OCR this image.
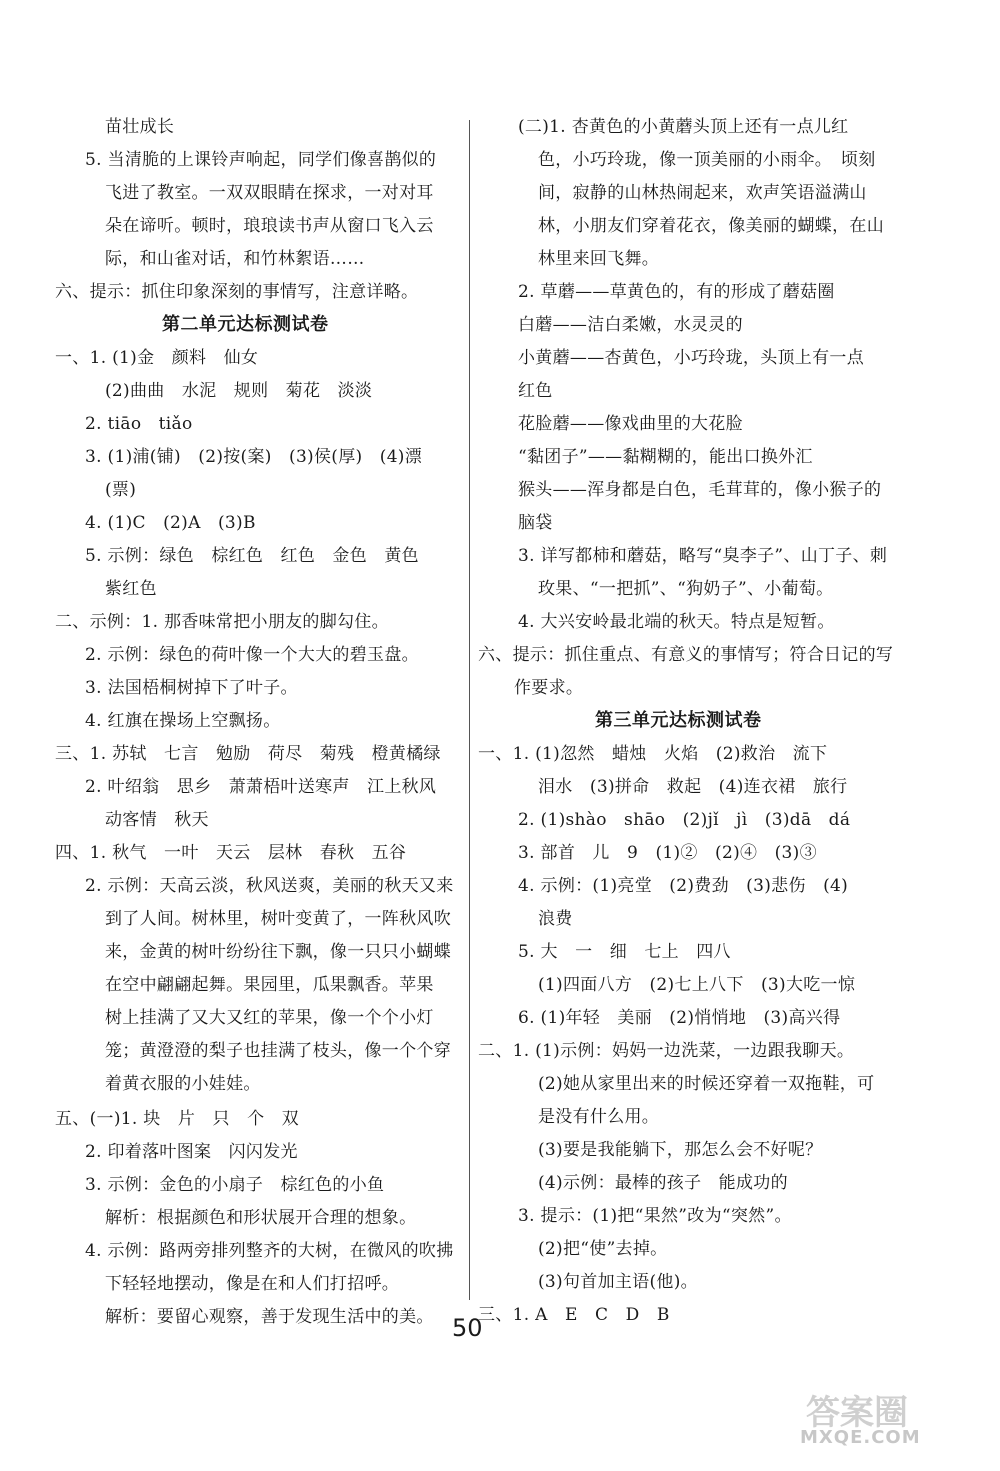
苗壮成长
5. 当清脆的上课铃声响起，同学们像喜鹊似的
飞进了教室。一双双眼睛在探求，一对对耳
朵在谛听。顿时，琅琅读书声从窗口飞入云
际，和山雀对话，和竹林絮语……
六、提示：抓住印象深刻的事情写，注意详略。
第二单元达标测试卷
一、1. (1)金　颜料　仙女
(2)曲曲　水泥　规则　菊花　淡淡
2. tiāo　tiǎo
3. (1)浦(铺)　(2)按(案)　(3)侯(厚)　(4)漂
(票)
4. (1)C　(2)A　(3)B
5. 示例：绿色　棕红色　红色　金色　黄色
紫红色
二、示例：1. 那香味常把小朋友的脚勾住。
2. 示例：绿色的荷叶像一个大大的碧玉盘。
3. 法国梧桐树掉下了叶子。
4. 红旗在操场上空飘扬。
三、1. 苏轼　七言　勉励　荷尽　菊残　橙黄橘绿
2. 叶绍翁　思乡　萧萧梧叶送寒声　江上秋风
动客情　秋天
四、1. 秋气　一叶　天云　层林　春秋　五谷
2. 示例：天高云淡，秋风送爽，美丽的秋天又来
到了人间。树林里，树叶变黄了，一阵秋风吹
来，金黄的树叶纷纷往下飘，像一只只小蝴蝶
在空中翩翩起舞。果园里，瓜果飘香。苹果
树上挂满了又大又红的苹果，像一个个小灯
笼；黄澄澄的梨子也挂满了枝头，像一个个穿
着黄衣服的小娃娃。
五、(一)1. 块　片　只　个　双
2. 印着落叶图案　闪闪发光
3. 示例：金色的小扇子　棕红色的小鱼
解析：根据颜色和形状展开合理的想象。
4. 示例：路两旁排列整齐的大树，在微风的吹拂
下轻轻地摆动，像是在和人们打招呼。
解析：要留心观察，善于发现生活中的美。
(二)1. 杏黄色的小黄蘑头顶上还有一点儿红
色，小巧玲珑，像一顶美丽的小雨伞。　顷刻
间，寂静的山林热闹起来，欢声笑语溢满山
林，小朋友们穿着花衣，像美丽的蝴蝶，在山
林里来回飞舞。
2. 草蘑——草黄色的，有的形成了蘑菇圈
白蘑——洁白柔嫩，水灵灵的
小黄蘑——杏黄色，小巧玲珑，头顶上有一点
红色
花脸蘑——像戏曲里的大花脸
“黏团子”——黏糊糊的，能出口换外汇
猴头——浑身都是白色，毛茸茸的，像小猴子的
脑袋
3. 详写都柿和蘑菇，略写“臭李子”、山丁子、刺
玫果、“一把抓”、“狗奶子”、小葡萄。
4. 大兴安岭最北端的秋天。特点是短暂。
六、提示：抓住重点、有意义的事情写；符合日记的写
作要求。
第三单元达标测试卷
一、1. (1)忽然　蜡烛　火焰　(2)救治　流下
泪水　(3)拼命　救起　(4)连衣裙　旅行
2. (1)shào　shāo　(2)jǐ　jì　(3)dā　dá
3. 部首　儿　9　(1)②　(2)④　(3)③
4. 示例：(1)亮堂　(2)费劲　(3)悲伤　(4)
浪费
5. 大　一　细　七上　四八
(1)四面八方　(2)七上八下　(3)大吃一惊
6. (1)年轻　美丽　(2)悄悄地　(3)高兴得
二、1. (1)示例：妈妈一边洗菜，一边跟我聊天。
(2)她从家里出来的时候还穿着一双拖鞋，可
是没有什么用。
(3)要是我能躺下，那怎么会不好呢？
(4)示例：最棒的孩子　能成功的
3. 提示：(1)把“果然”改为“突然”。
(2)把“使”去掉。
(3)句首加主语(他)。
三、1. A　E　C　D　B
50
答案圈
MXQE.COM
